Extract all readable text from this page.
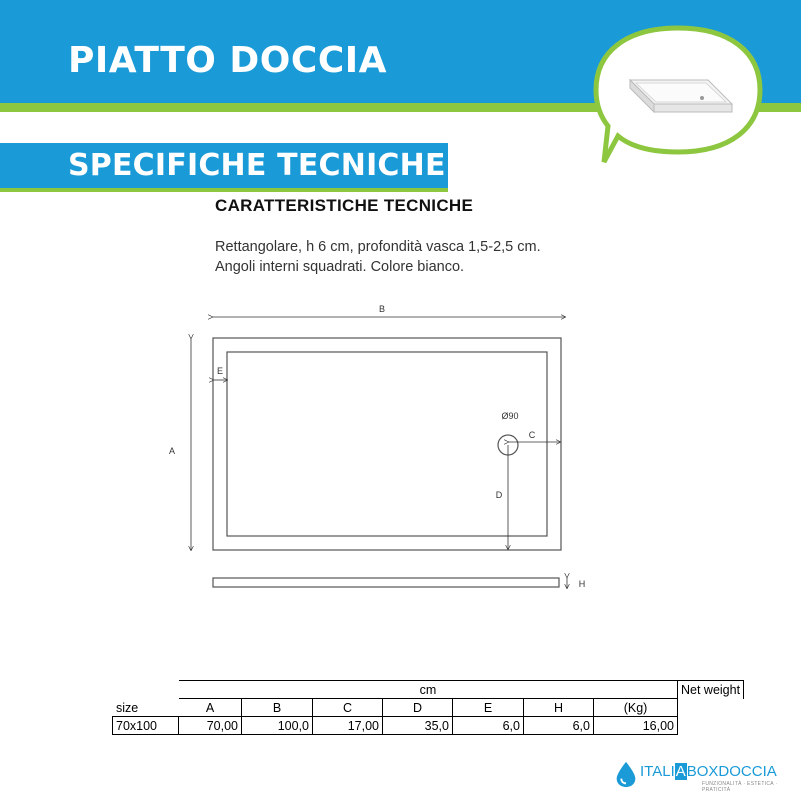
PIATTO DOCCIA
SPECIFICHE TECNICHE
CARATTERISTICHE TECNICHE
Rettangolare, h 6 cm, profondità vasca 1,5-2,5 cm. Angoli interni squadrati. Colore bianco.
B
A
E
Ø90
C
D
H
	cm							Net weight
size	A	B	C	D	E	H	(Kg)	
70x100	70,00	100,0	17,00	35,0	6,0	6,0	16,00	
ITALIABOXDOCCIA
FUNZIONALITÀ · ESTETICA · PRATICITÀ
